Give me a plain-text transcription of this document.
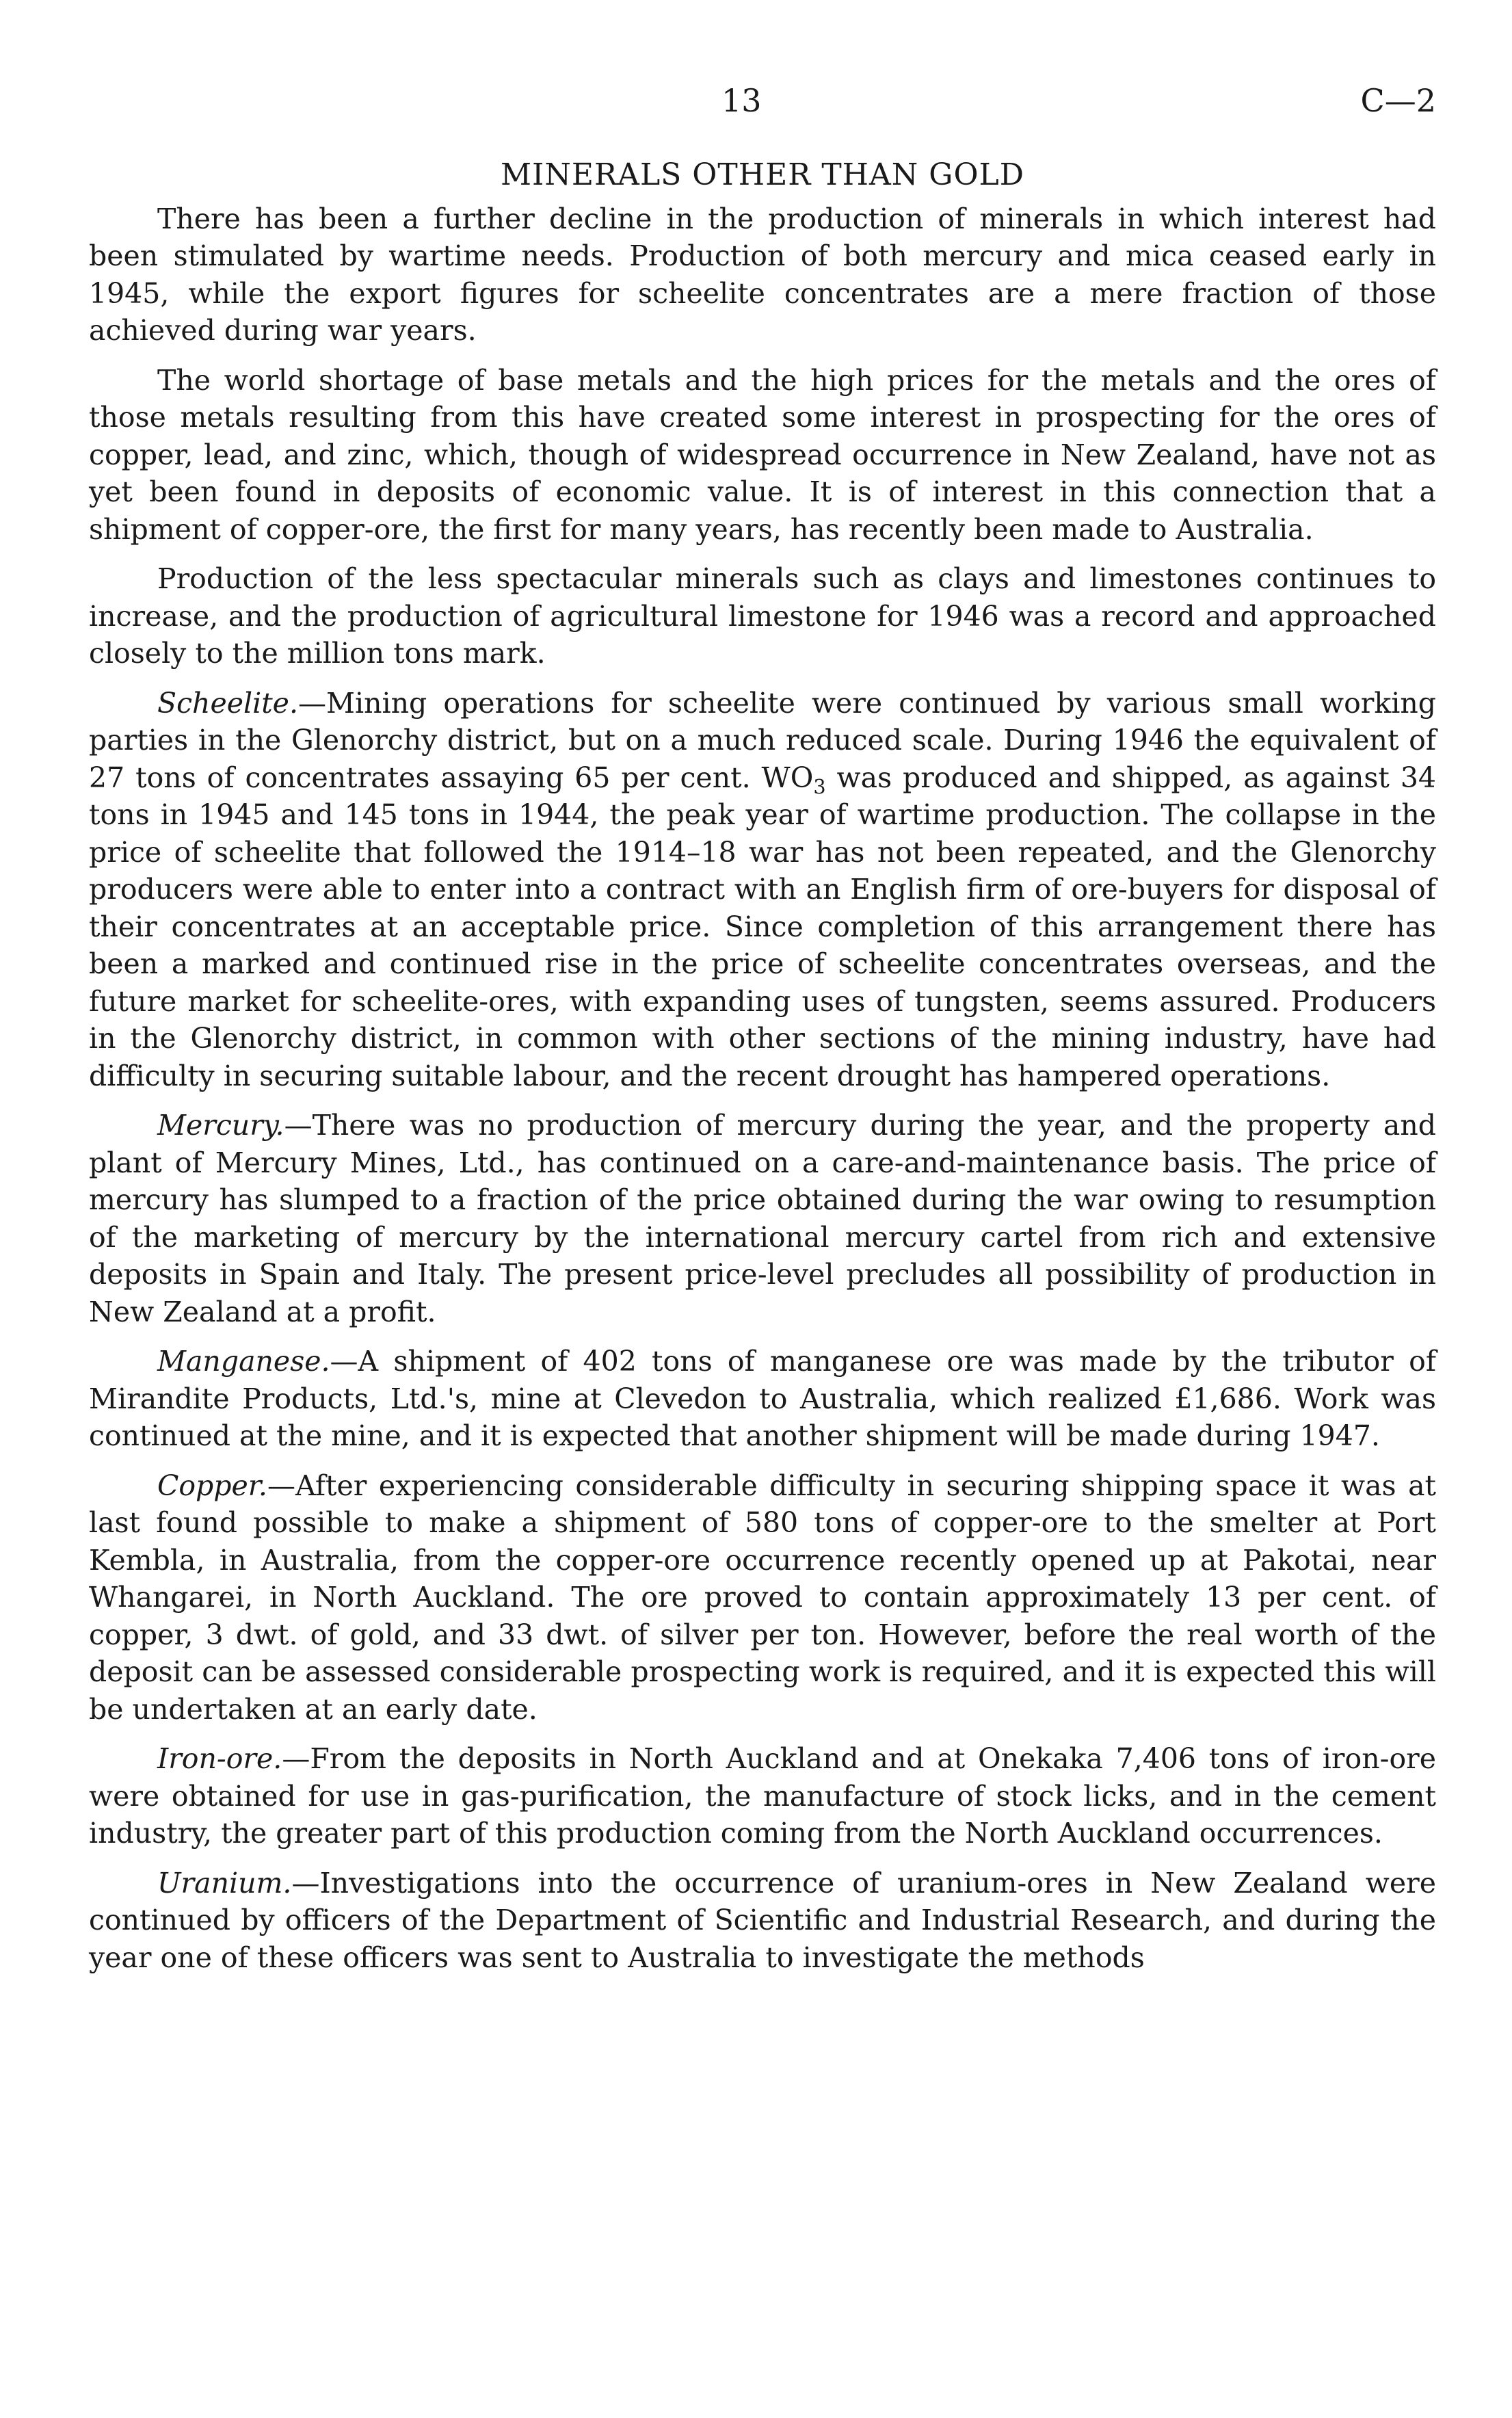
13	C—2
MINERALS OTHER THAN GOLD

There has been a further decline in the production of minerals in which interest had been stimulated by wartime needs. Production of both mercury and mica ceased early in 1945, while the export figures for scheelite concentrates are a mere fraction of those achieved during war years.

The world shortage of base metals and the high prices for the metals and the ores of those metals resulting from this have created some interest in prospecting for the ores of copper, lead, and zinc, which, though of widespread occurrence in New Zealand, have not as yet been found in deposits of economic value. It is of interest in this connection that a shipment of copper-ore, the first for many years, has recently been made to Australia.

Production of the less spectacular minerals such as clays and limestones continues to increase, and the production of agricultural limestone for 1946 was a record and approached closely to the million tons mark.

Scheelite.—Mining operations for scheelite were continued by various small working parties in the Glenorchy district, but on a much reduced scale. During 1946 the equivalent of 27 tons of concentrates assaying 65 per cent. $WO_3$ was produced and shipped, as against 34 tons in 1945 and 145 tons in 1944, the peak year of wartime production. The collapse in the price of scheelite that followed the 1914–18 war has not been repeated, and the Glenorchy producers were able to enter into a contract with an English firm of ore-buyers for disposal of their concentrates at an acceptable price. Since completion of this arrangement there has been a marked and continued rise in the price of scheelite concentrates overseas, and the future market for scheelite-ores, with expanding uses of tungsten, seems assured. Producers in the Glenorchy district, in common with other sections of the mining industry, have had difficulty in securing suitable labour, and the recent drought has hampered operations.

Mercury.—There was no production of mercury during the year, and the property and plant of Mercury Mines, Ltd., has continued on a care-and-maintenance basis. The price of mercury has slumped to a fraction of the price obtained during the war owing to resumption of the marketing of mercury by the international mercury cartel from rich and extensive deposits in Spain and Italy. The present price-level precludes all possibility of production in New Zealand at a profit.

Manganese.—A shipment of 402 tons of manganese ore was made by the tributor of Mirandite Products, Ltd.'s, mine at Clevedon to Australia, which realized £1,686. Work was continued at the mine, and it is expected that another shipment will be made during 1947.

Copper.—After experiencing considerable difficulty in securing shipping space it was at last found possible to make a shipment of 580 tons of copper-ore to the smelter at Port Kembla, in Australia, from the copper-ore occurrence recently opened up at Pakotai, near Whangarei, in North Auckland. The ore proved to contain approximately 13 per cent. of copper, 3 dwt. of gold, and 33 dwt. of silver per ton. However, before the real worth of the deposit can be assessed considerable prospecting work is required, and it is expected this will be undertaken at an early date.

Iron-ore.—From the deposits in North Auckland and at Onekaka 7,406 tons of iron-ore were obtained for use in gas-purification, the manufacture of stock licks, and in the cement industry, the greater part of this production coming from the North Auckland occurrences.

Uranium.—Investigations into the occurrence of uranium-ores in New Zealand were continued by officers of the Department of Scientific and Industrial Research, and during the year one of these officers was sent to Australia to investigate the methods
